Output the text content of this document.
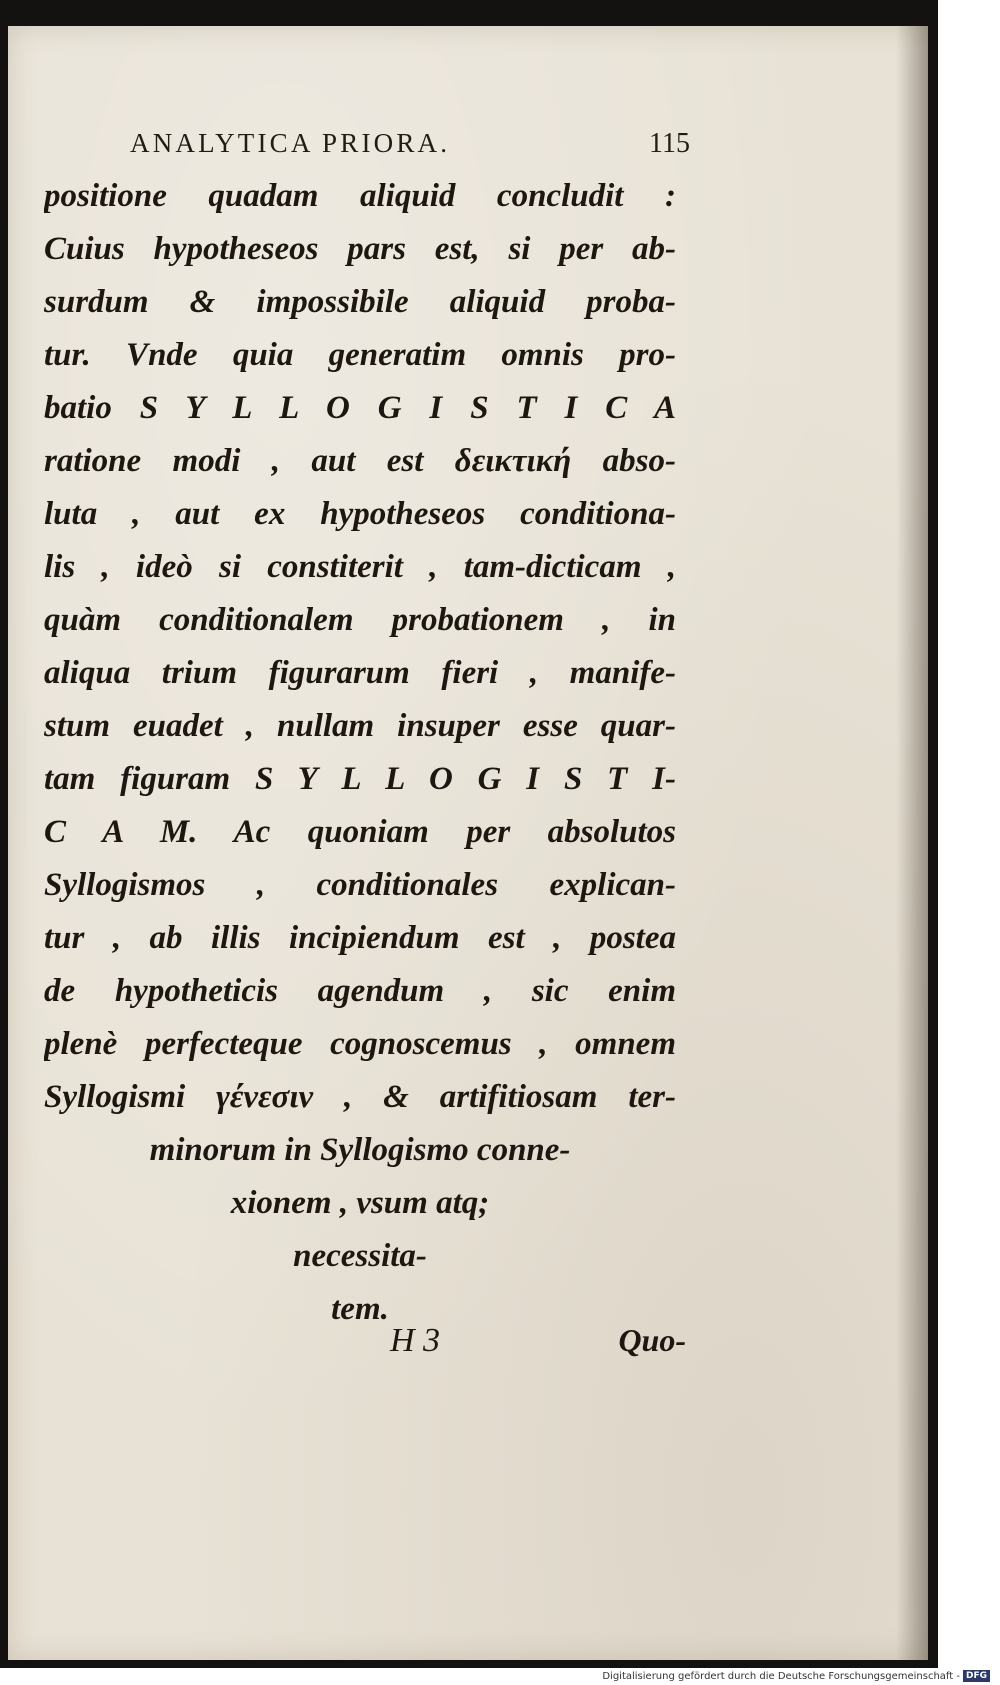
ANALYTICA PRIORA.	115
positione quadam aliquid concludit :
Cuius hypotheseos pars est, si per ab-
surdum & impossibile aliquid proba-
tur. Vnde quia generatim omnis pro-
batio S Y L L O G I S T I C A
ratione modi , aut est δεικτική abso-
luta , aut ex hypotheseos conditiona-
lis , ideò si constiterit , tam-dicticam ,
quàm conditionalem probationem , in
aliqua trium figurarum fieri , manife-
stum euadet , nullam insuper esse quar-
tam figuram S Y L L O G I S T I-
C A M. Ac quoniam per absolutos
Syllogismos , conditionales explican-
tur , ab illis incipiendum est , postea
de hypotheticis agendum , sic enim
plenè perfecteque cognoscemus , omnem
Syllogismi γένεσιν , & artifitiosam ter-
minorum in Syllogismo conne-
xionem , vsum atq;
necessita-
tem.
H 3	Quo-
Digitalisierung gefördert durch die Deutsche Forschungsgemeinschaft - DFG
